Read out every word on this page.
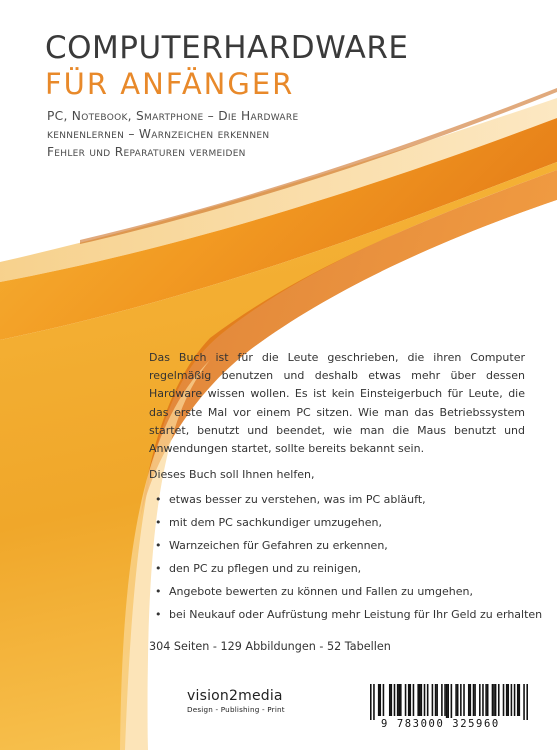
COMPUTERHARDWARE
FÜR ANFÄNGER
PC, Notebook, Smartphone – Die Hardware
kennenlernen – Warnzeichen erkennen
Fehler und Reparaturen vermeiden

Das Buch ist für die Leute geschrieben, die ihren Computer regelmäßig benutzen und deshalb etwas mehr über dessen Hardware wissen wollen. Es ist kein Einsteigerbuch für Leute, die das erste Mal vor einem PC sitzen. Wie man das Betriebssystem startet, benutzt und beendet, wie man die Maus benutzt und Anwendungen startet, sollte bereits bekannt sein.

Dieses Buch soll Ihnen helfen,

• etwas besser zu verstehen, was im PC abläuft,
• mit dem PC sachkundiger umzugehen,
• Warnzeichen für Gefahren zu erkennen,
• den PC zu pflegen und zu reinigen,
• Angebote bewerten zu können und Fallen zu umgehen,
• bei Neukauf oder Aufrüstung mehr Leistung für Ihr Geld zu erhalten
304 Seiten - 129 Abbildungen - 52 Tabellen
vision2media
Design - Publishing - Print
9 783000 325960
